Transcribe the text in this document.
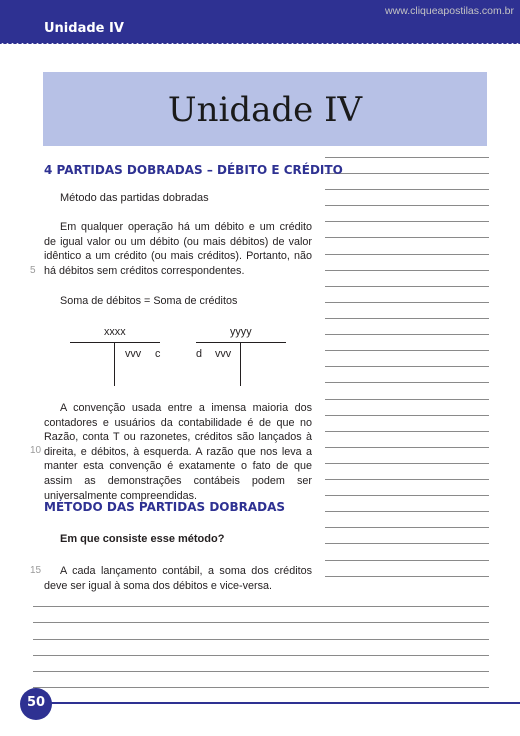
Unidade IV
www.cliqueapostilas.com.br
Unidade IV
4 PARTIDAS DOBRADAS – DÉBITO E CRÉDITO
Método das partidas dobradas
Em qualquer operação há um débito e um crédito de igual valor ou um débito (ou mais débitos) de valor idêntico a um crédito (ou mais créditos). Portanto, não há débitos sem créditos correspondentes.
5
Soma de débitos = Soma de créditos
xxxx
vvv c
yyyy
d vvv
A convenção usada entre a imensa maioria dos contadores e usuários da contabilidade é de que no Razão, conta T ou razonetes, créditos são lançados à direita, e débitos, à esquerda. A razão que nos leva a manter esta convenção é exatamente o fato de que assim as demonstrações contábeis podem ser universalmente compreendidas.
10
MÉTODO DAS PARTIDAS DOBRADAS
Em que consiste esse método?
A cada lançamento contábil, a soma dos créditos deve ser igual à soma dos débitos e vice-versa.
15
50
